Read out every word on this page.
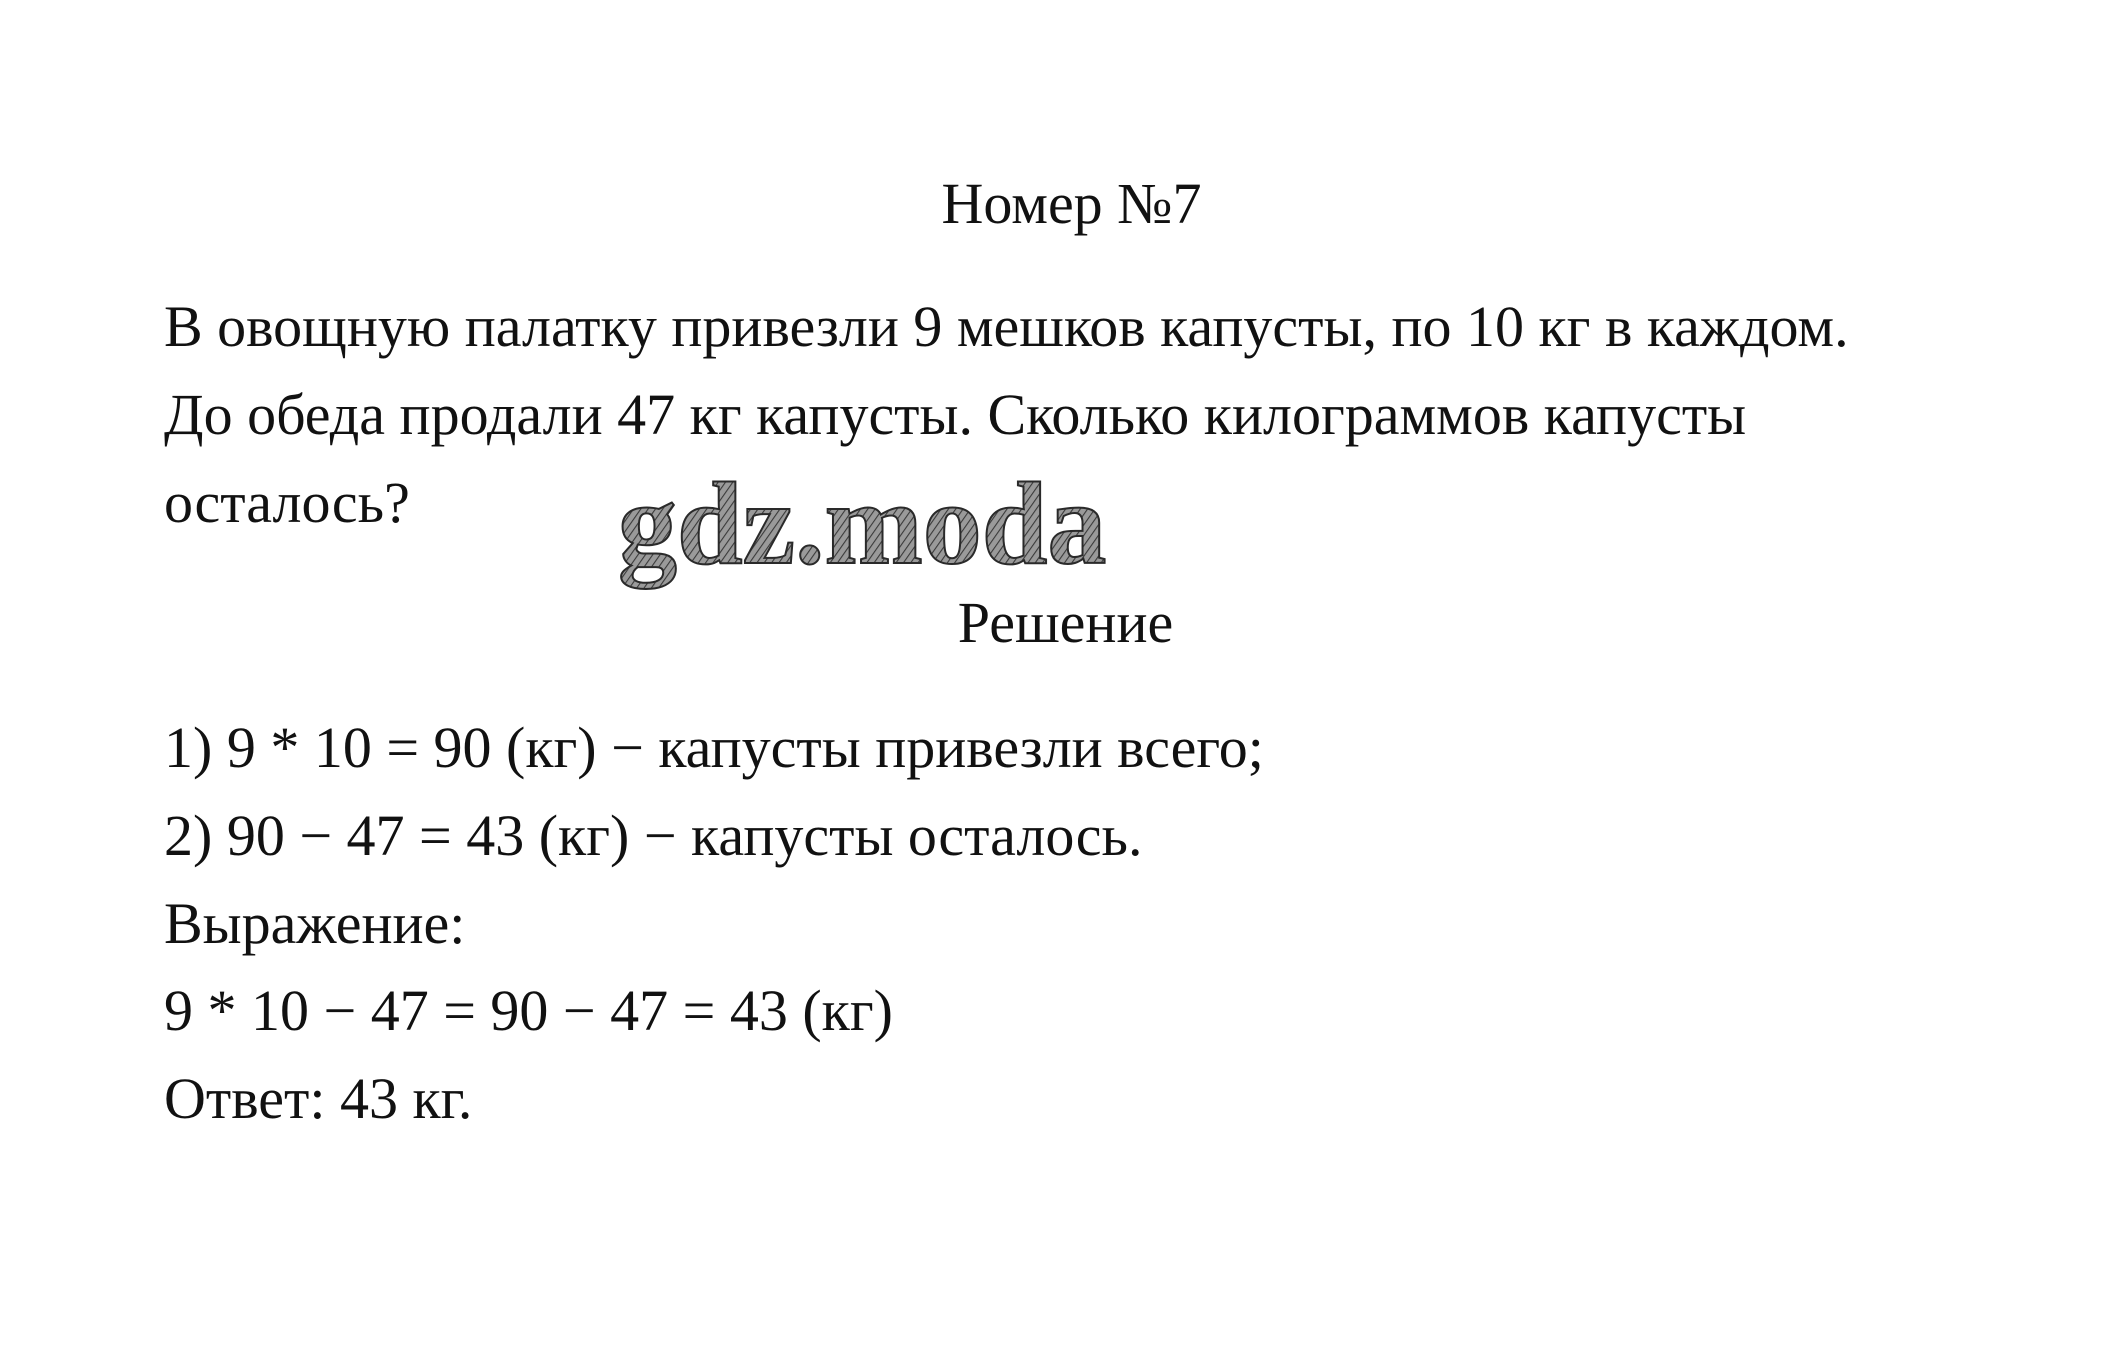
Номер №7
В овощную палатку привезли 9 мешков капусты, по 10 кг в каждом.
До обеда продали 47 кг капусты. Сколько килограммов капусты
осталось? gdz.moda
Решение
1) 9 * 10 = 90 (кг) − капусты привезли всего;
2) 90 − 47 = 43 (кг) − капусты осталось.
Выражение:
9 * 10 − 47 = 90 − 47 = 43 (кг)
Ответ: 43 кг.
